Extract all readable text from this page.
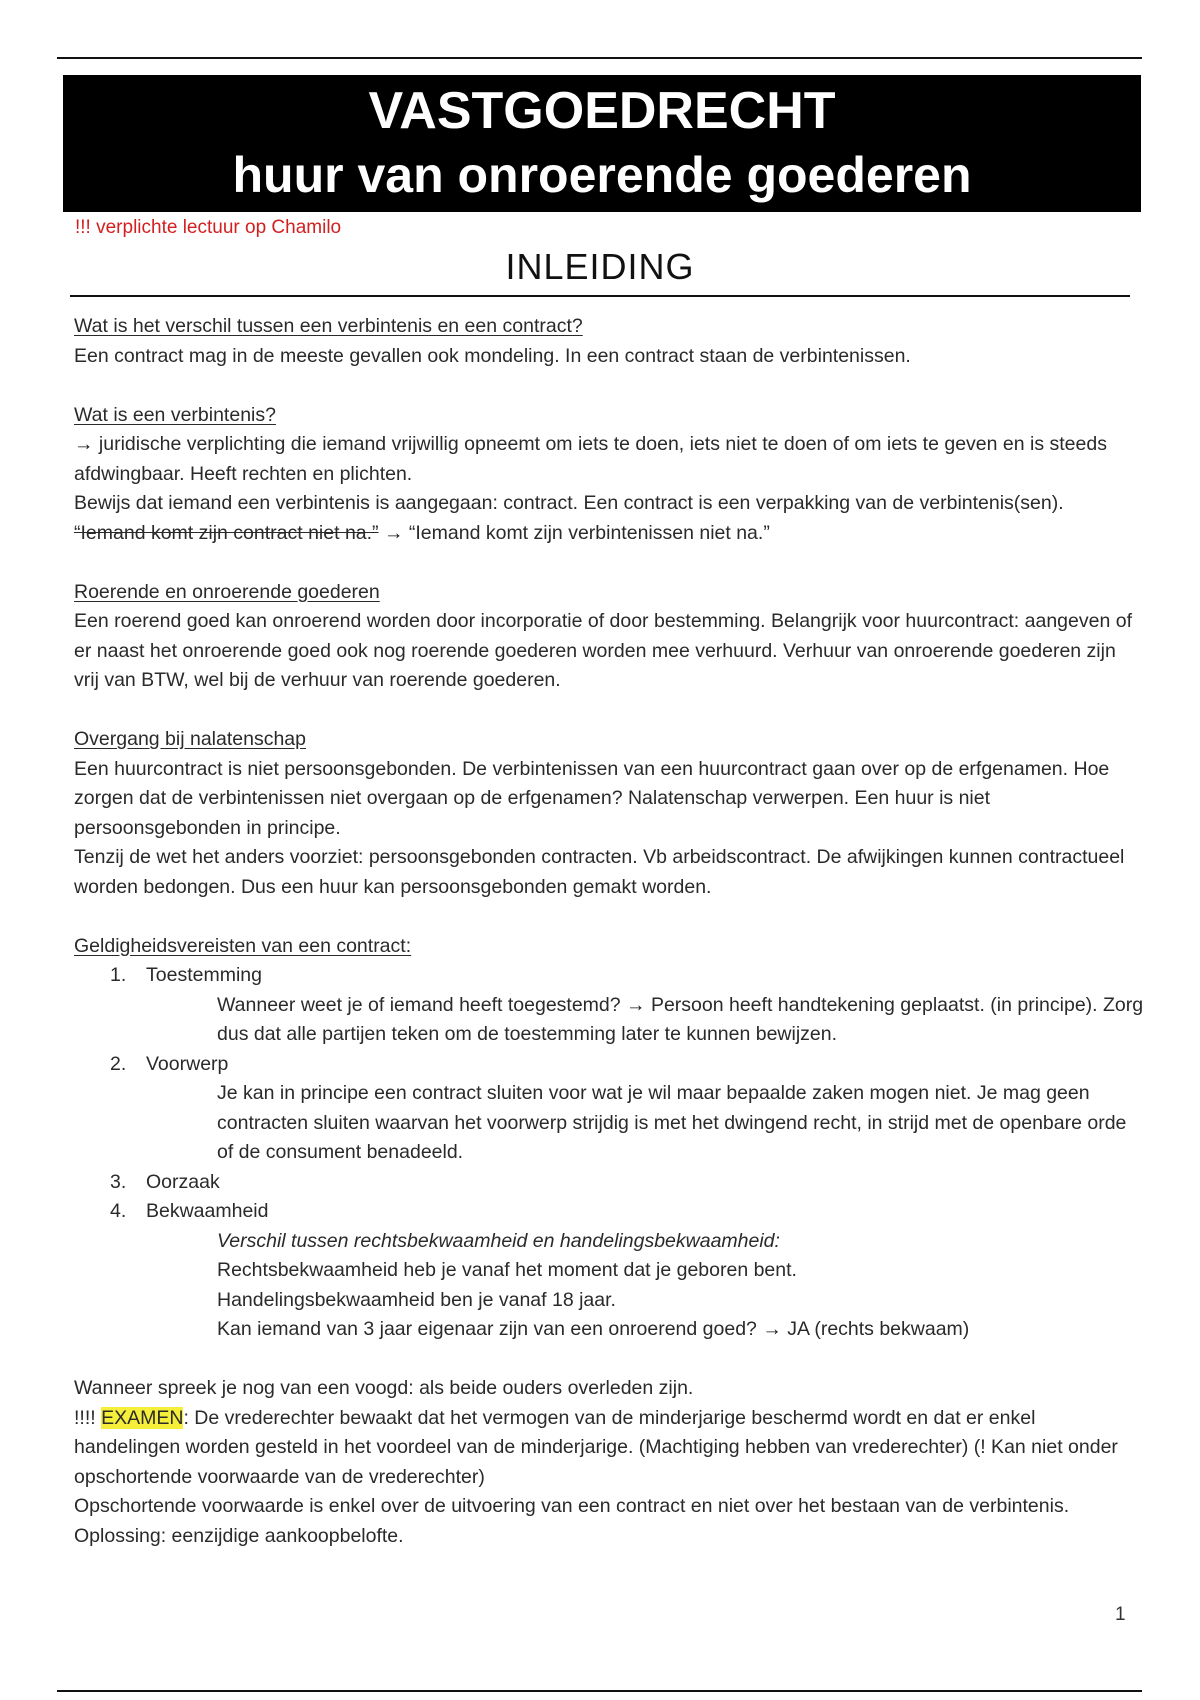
VASTGOEDRECHT
huur van onroerende goederen
!!! verplichte lectuur op Chamilo
INLEIDING

Wat is het verschil tussen een verbintenis en een contract?

Een contract mag in de meeste gevallen ook mondeling. In een contract staan de verbintenissen.

Wat is een verbintenis?

→ juridische verplichting die iemand vrijwillig opneemt om iets te doen, iets niet te doen of om iets te geven en is steeds afdwingbaar. Heeft rechten en plichten.

Bewijs dat iemand een verbintenis is aangegaan: contract. Een contract is een verpakking van de verbintenis(sen).

“Iemand komt zijn contract niet na.” → “Iemand komt zijn verbintenissen niet na.”

Roerende en onroerende goederen

Een roerend goed kan onroerend worden door incorporatie of door bestemming. Belangrijk voor huurcontract: aangeven of er naast het onroerende goed ook nog roerende goederen worden mee verhuurd. Verhuur van onroerende goederen zijn vrij van BTW, wel bij de verhuur van roerende goederen.

Overgang bij nalatenschap

Een huurcontract is niet persoonsgebonden. De verbintenissen van een huurcontract gaan over op de erfgenamen. Hoe zorgen dat de verbintenissen niet overgaan op de erfgenamen? Nalatenschap verwerpen. Een huur is niet persoonsgebonden in principe.

Tenzij de wet het anders voorziet: persoonsgebonden contracten. Vb arbeidscontract. De afwijkingen kunnen contractueel worden bedongen. Dus een huur kan persoonsgebonden gemakt worden.

Geldigheidsvereisten van een contract:

1. Toestemming

Wanneer weet je of iemand heeft toegestemd? → Persoon heeft handtekening geplaatst. (in principe). Zorg dus dat alle partijen teken om de toestemming later te kunnen bewijzen.

2. Voorwerp

Je kan in principe een contract sluiten voor wat je wil maar bepaalde zaken mogen niet. Je mag geen contracten sluiten waarvan het voorwerp strijdig is met het dwingend recht, in strijd met de openbare orde of de consument benadeeld.

3. Oorzaak
4. Bekwaamheid

Verschil tussen rechtsbekwaamheid en handelingsbekwaamheid:

Rechtsbekwaamheid heb je vanaf het moment dat je geboren bent.

Handelingsbekwaamheid ben je vanaf 18 jaar.

Kan iemand van 3 jaar eigenaar zijn van een onroerend goed? → JA (rechts bekwaam)

Wanneer spreek je nog van een voogd: als beide ouders overleden zijn.

!!!! EXAMEN: De vrederechter bewaakt dat het vermogen van de minderjarige beschermd wordt en dat er enkel handelingen worden gesteld in het voordeel van de minderjarige. (Machtiging hebben van vrederechter) (! Kan niet onder opschortende voorwaarde van de vrederechter)

Opschortende voorwaarde is enkel over de uitvoering van een contract en niet over het bestaan van de verbintenis. Oplossing: eenzijdige aankoopbelofte.

1
